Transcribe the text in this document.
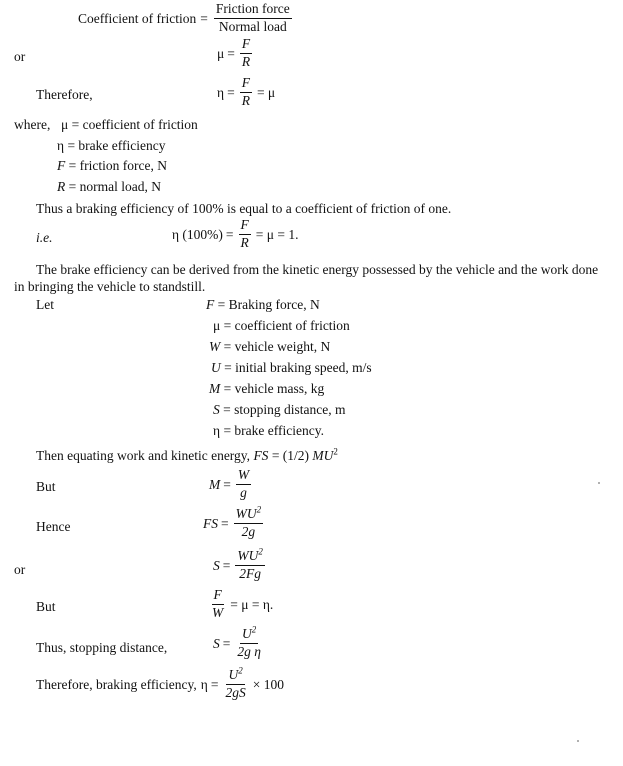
Coefficient of friction = $\frac{\text{Friction force}}{\text{Normal load}}$
or	$\mu = \frac{F}{R}$
Therefore,	$\eta = \frac{F}{R} = \mu$
where, μ = coefficient of friction
η = brake efficiency
F = friction force, N
R = normal load, N
Thus a braking efficiency of 100% is equal to a coefficient of friction of one.
i.e.	η $(100\%) = \frac{F}{R} = \mu = 1$.
The brake efficiency can be derived from the kinetic energy possessed by the vehicle and the work done in bringing the vehicle to standstill.
Let	F = Braking force, N
μ = coefficient of friction
W = vehicle weight, N
U = initial braking speed, m/s
M = vehicle mass, kg
S = stopping distance, m
η = brake efficiency.
Then equating work and kinetic energy, FS = (1/2) $MU^2$
But	$M = \frac{W}{g}$
Hence	FS = $\frac{WU^2}{2g}$
or	$S = \frac{WU^2}{2Fg}$
But	$\frac{F}{W} = \mu = \eta$.
Thus, stopping distance,	$S = \frac{U^2}{\text{2g η}}$
Therefore, braking efficiency, $\eta = \frac{U^2}{2gS} \times 100$
